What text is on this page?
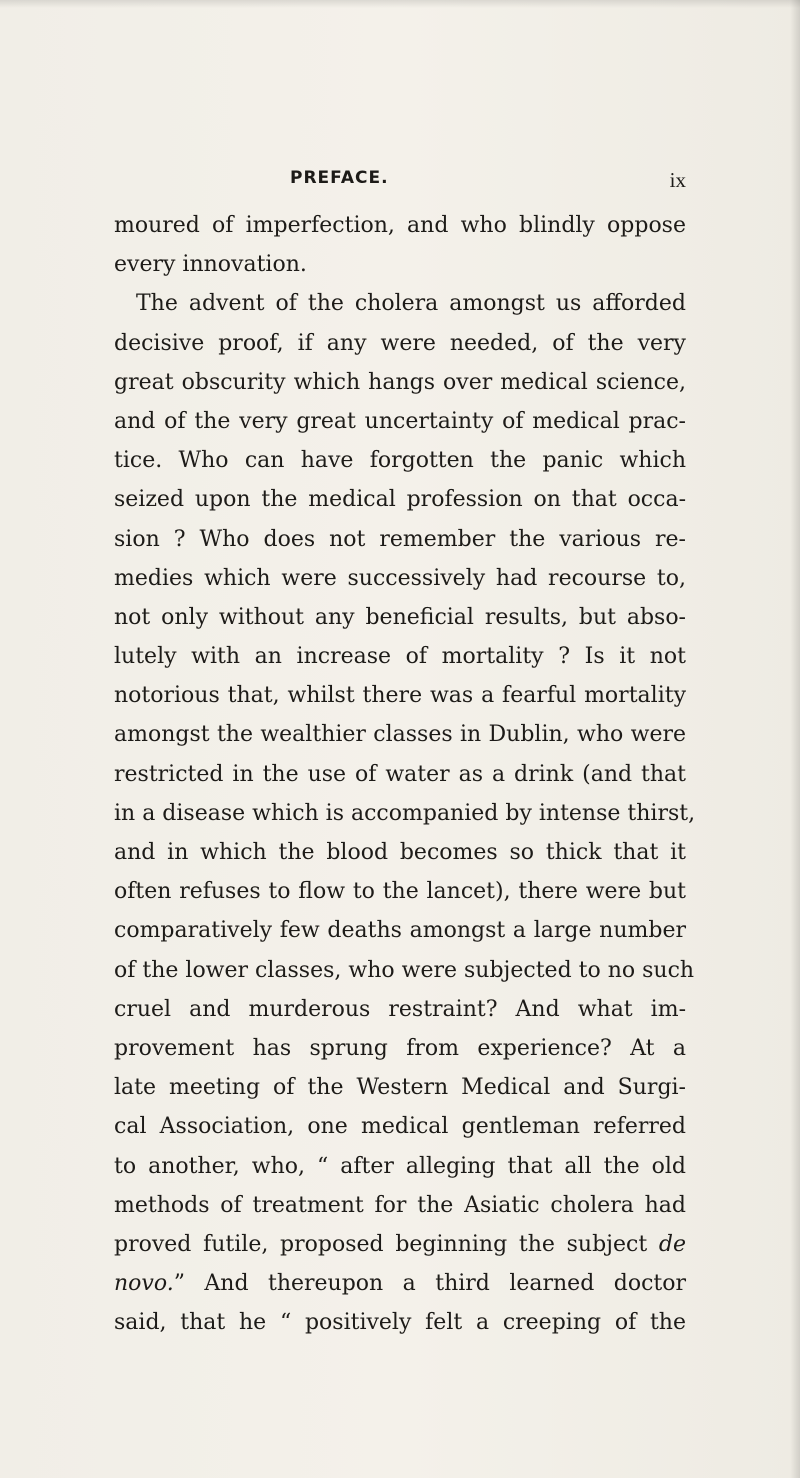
PREFACE.	ix
moured of imperfection, and who blindly oppose
every innovation.
The advent of the cholera amongst us afforded
decisive proof, if any were needed, of the very
great obscurity which hangs over medical science,
and of the very great uncertainty of medical prac-
tice. Who can have forgotten the panic which
seized upon the medical profession on that occa-
sion ? Who does not remember the various re-
medies which were successively had recourse to,
not only without any beneficial results, but abso-
lutely with an increase of mortality ? Is it not
notorious that, whilst there was a fearful mortality
amongst the wealthier classes in Dublin, who were
restricted in the use of water as a drink (and that
in a disease which is accompanied by intense thirst,
and in which the blood becomes so thick that it
often refuses to flow to the lancet), there were but
comparatively few deaths amongst a large number
of the lower classes, who were subjected to no such
cruel and murderous restraint? And what im-
provement has sprung from experience? At a
late meeting of the Western Medical and Surgi-
cal Association, one medical gentleman referred
to another, who, “ after alleging that all the old
methods of treatment for the Asiatic cholera had
proved futile, proposed beginning the subject de
novo.” And thereupon a third learned doctor
said, that he “ positively felt a creeping of the
